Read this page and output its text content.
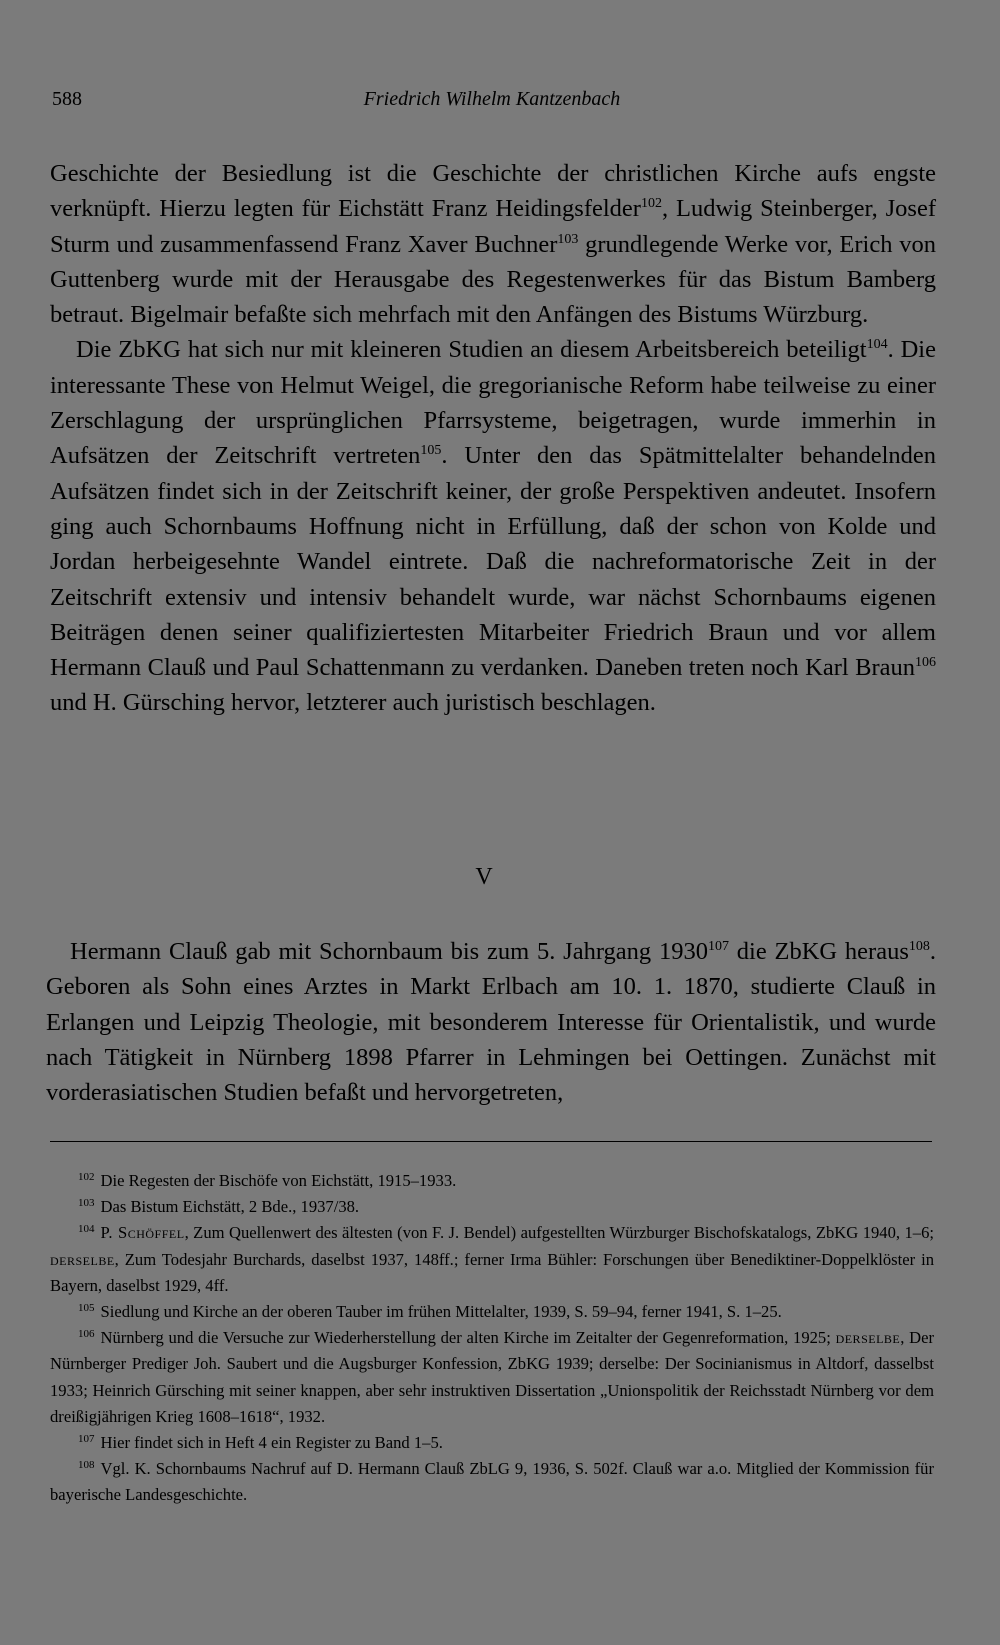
588	Friedrich Wilhelm Kantzenbach

Geschichte der Besiedlung ist die Geschichte der christlichen Kirche aufs engste verknüpft. Hierzu legten für Eichstätt Franz Heidingsfelder$^{102}$, Ludwig Steinberger, Josef Sturm und zusammenfassend Franz Xaver Buchner$^{103}$ grundlegende Werke vor, Erich von Guttenberg wurde mit der Herausgabe des Regestenwerkes für das Bistum Bamberg betraut. Bigelmair befaßte sich mehrfach mit den Anfängen des Bistums Würzburg.

Die ZbKG hat sich nur mit kleineren Studien an diesem Arbeitsbereich beteiligt$^{104}$. Die interessante These von Helmut Weigel, die gregorianische Reform habe teilweise zu einer Zerschlagung der ursprünglichen Pfarrsysteme, beigetragen, wurde immerhin in Aufsätzen der Zeitschrift vertreten$^{105}$. Unter den das Spätmittelalter behandelnden Aufsätzen findet sich in der Zeitschrift keiner, der große Perspektiven andeutet. Insofern ging auch Schornbaums Hoffnung nicht in Erfüllung, daß der schon von Kolde und Jordan herbeigesehnte Wandel eintrete. Daß die nachreformatorische Zeit in der Zeitschrift extensiv und intensiv behandelt wurde, war nächst Schornbaums eigenen Beiträgen denen seiner qualifiziertesten Mitarbeiter Friedrich Braun und vor allem Hermann Clauß und Paul Schattenmann zu verdanken. Daneben treten noch Karl Braun$^{106}$ und H. Gürsching hervor, letzterer auch juristisch beschlagen.

V

Hermann Clauß gab mit Schornbaum bis zum 5. Jahrgang 1930$^{107}$ die ZbKG heraus$^{108}$. Geboren als Sohn eines Arztes in Markt Erlbach am 10. 1. 1870, studierte Clauß in Erlangen und Leipzig Theologie, mit besonderem Interesse für Orientalistik, und wurde nach Tätigkeit in Nürnberg 1898 Pfarrer in Lehmingen bei Oettingen. Zunächst mit vorderasiatischen Studien befaßt und hervorgetreten,

$^{102}$ Die Regesten der Bischöfe von Eichstätt, 1915–1933.

$^{103}$ Das Bistum Eichstätt, 2 Bde., 1937/38.

$^{104}$ P. Schöffel, Zum Quellenwert des ältesten (von F. J. Bendel) aufgestellten Würzburger Bischofskatalogs, ZbKG 1940, 1–6; derselbe, Zum Todesjahr Burchards, daselbst 1937, 148ff.; ferner Irma Bühler: Forschungen über Benediktiner-Doppelklöster in Bayern, daselbst 1929, 4ff.

$^{105}$ Siedlung und Kirche an der oberen Tauber im frühen Mittelalter, 1939, S. 59–94, ferner 1941, S. 1–25.

$^{106}$ Nürnberg und die Versuche zur Wiederherstellung der alten Kirche im Zeitalter der Gegenreformation, 1925; derselbe, Der Nürnberger Prediger Joh. Saubert und die Augsburger Konfession, ZbKG 1939; derselbe: Der Socinianismus in Altdorf, dasselbst 1933; Heinrich Gürsching mit seiner knappen, aber sehr instruktiven Dissertation „Unionspolitik der Reichsstadt Nürnberg vor dem dreißigjährigen Krieg 1608–1618“, 1932.

$^{107}$ Hier findet sich in Heft 4 ein Register zu Band 1–5.

$^{108}$ Vgl. K. Schornbaums Nachruf auf D. Hermann Clauß ZbLG 9, 1936, S. 502f. Clauß war a.o. Mitglied der Kommission für bayerische Landesgeschichte.
